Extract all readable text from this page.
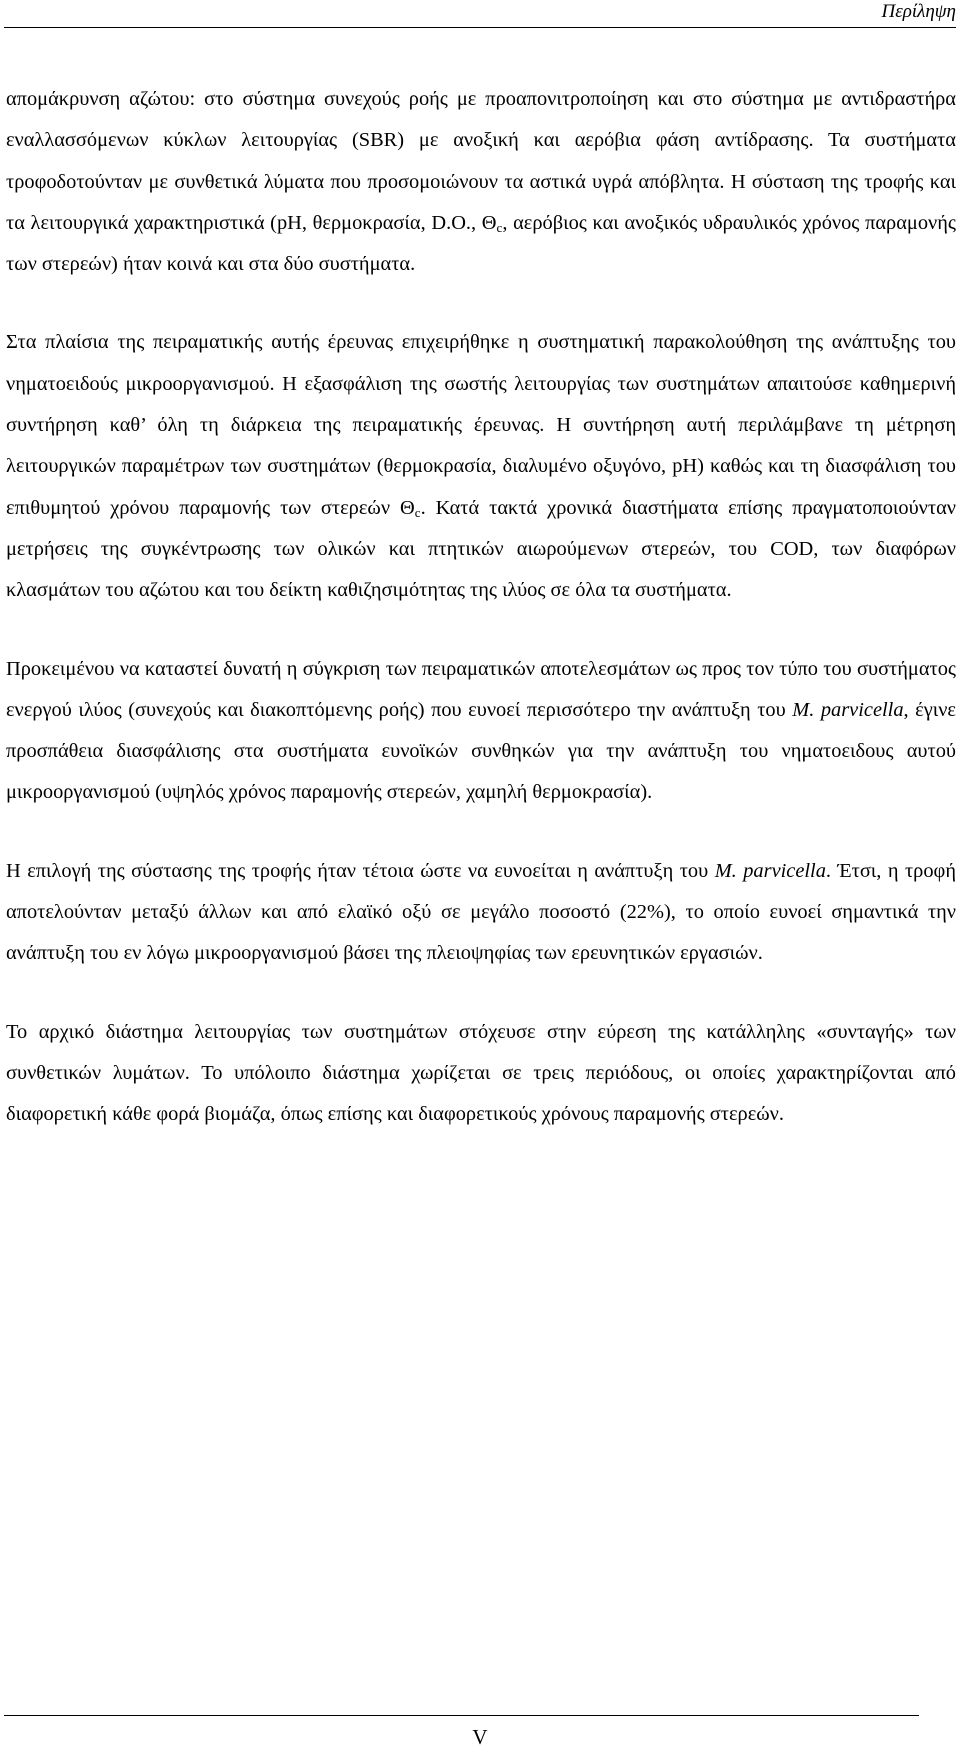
Περίληψη

απομάκρυνση αζώτου: στο σύστημα συνεχούς ροής με προαπονιτροποίηση και στο σύστημα με αντιδραστήρα εναλλασσόμενων κύκλων λειτουργίας (SBR) με ανοξική και αερόβια φάση αντίδρασης. Τα συστήματα τροφοδοτούνταν με συνθετικά λύματα που προσομοιώνουν τα αστικά υγρά απόβλητα. Η σύσταση της τροφής και τα λειτουργικά χαρακτηριστικά (pH, θερμοκρασία, D.O., $\Theta_c$, αερόβιος και ανοξικός υδραυλικός χρόνος παραμονής των στερεών) ήταν κοινά και στα δύο συστήματα.

Στα πλαίσια της πειραματικής αυτής έρευνας επιχειρήθηκε η συστηματική παρακολούθηση της ανάπτυξης του νηματοειδούς μικροοργανισμού. Η εξασφάλιση της σωστής λειτουργίας των συστημάτων απαιτούσε καθημερινή συντήρηση καθ’ όλη τη διάρκεια της πειραματικής έρευνας. Η συντήρηση αυτή περιλάμβανε τη μέτρηση λειτουργικών παραμέτρων των συστημάτων (θερμοκρασία, διαλυμένο οξυγόνο, pH) καθώς και τη διασφάλιση του επιθυμητού χρόνου παραμονής των στερεών $\Theta_c$. Κατά τακτά χρονικά διαστήματα επίσης πραγματοποιούνταν μετρήσεις της συγκέντρωσης των ολικών και πτητικών αιωρούμενων στερεών, του COD, των διαφόρων κλασμάτων του αζώτου και του δείκτη καθιζησιμότητας της ιλύος σε όλα τα συστήματα.

Προκειμένου να καταστεί δυνατή η σύγκριση των πειραματικών αποτελεσμάτων ως προς τον τύπο του συστήματος ενεργού ιλύος (συνεχούς και διακοπτόμενης ροής) που ευνοεί περισσότερο την ανάπτυξη του M. parvicella, έγινε προσπάθεια διασφάλισης στα συστήματα ευνοϊκών συνθηκών για την ανάπτυξη του νηματοειδους αυτού μικροοργανισμού (υψηλός χρόνος παραμονής στερεών, χαμηλή θερμοκρασία).

Η επιλογή της σύστασης της τροφής ήταν τέτοια ώστε να ευνοείται η ανάπτυξη του M. parvicella. Έτσι, η τροφή αποτελούνταν μεταξύ άλλων και από ελαϊκό οξύ σε μεγάλο ποσοστό (22%), το οποίο ευνοεί σημαντικά την ανάπτυξη του εν λόγω μικροοργανισμού βάσει της πλειοψηφίας των ερευνητικών εργασιών.

Το αρχικό διάστημα λειτουργίας των συστημάτων στόχευσε στην εύρεση της κατάλληλης «συνταγής» των συνθετικών λυμάτων. Το υπόλοιπο διάστημα χωρίζεται σε τρεις περιόδους, οι οποίες χαρακτηρίζονται από διαφορετική κάθε φορά βιομάζα, όπως επίσης και διαφορετικούς χρόνους παραμονής στερεών.

V
